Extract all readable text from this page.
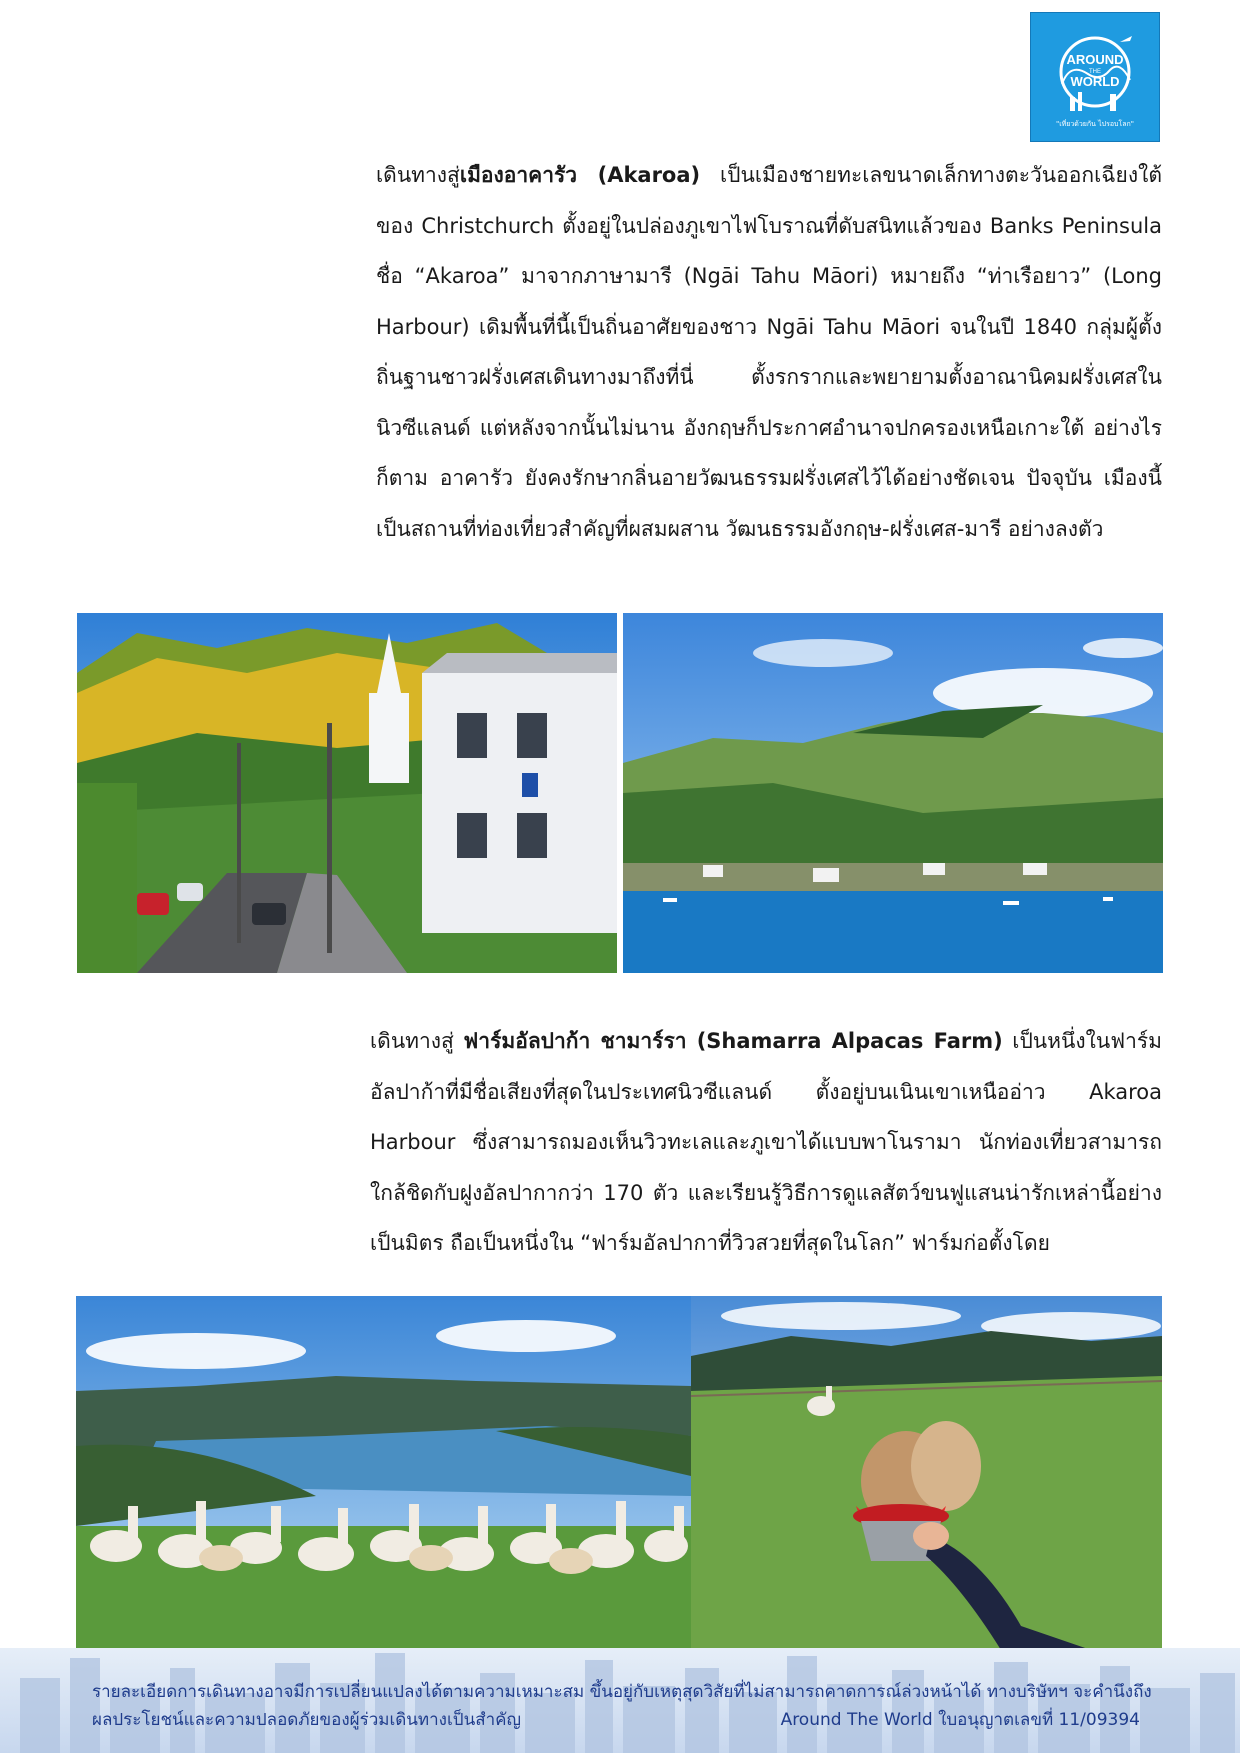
AROUND
THE
WORLD
"เที่ยวด้วยกัน ไปรอบโลก"

เดินทางสู่เมืองอาคารัว (Akaroa) เป็นเมืองชายทะเลขนาดเล็กทางตะวันออกเฉียงใต้ของ Christchurch ตั้งอยู่ในปล่องภูเขาไฟโบราณที่ดับสนิทแล้วของ Banks Peninsula ชื่อ “Akaroa” มาจากภาษามารี (Ngāi Tahu Māori) หมายถึง “ท่าเรือยาว” (Long Harbour) เดิมพื้นที่นี้เป็นถิ่นอาศัยของชาว Ngāi Tahu Māori จนในปี 1840 กลุ่มผู้ตั้งถิ่นฐานชาวฝรั่งเศสเดินทางมาถึงที่นี่ ตั้งรกรากและพยายามตั้งอาณานิคมฝรั่งเศสในนิวซีแลนด์ แต่หลังจากนั้นไม่นาน อังกฤษก็ประกาศอำนาจปกครองเหนือเกาะใต้ อย่างไรก็ตาม อาคารัว ยังคงรักษากลิ่นอายวัฒนธรรมฝรั่งเศสไว้ได้อย่างชัดเจน ปัจจุบัน เมืองนี้เป็นสถานที่ท่องเที่ยวสำคัญที่ผสมผสาน วัฒนธรรมอังกฤษ-ฝรั่งเศส-มารี อย่างลงตัว

เดินทางสู่ ฟาร์มอัลปาก้า ชามาร์รา (Shamarra Alpacas Farm) เป็นหนึ่งในฟาร์มอัลปาก้าที่มีชื่อเสียงที่สุดในประเทศนิวซีแลนด์ ตั้งอยู่บนเนินเขาเหนืออ่าว Akaroa Harbour ซึ่งสามารถมองเห็นวิวทะเลและภูเขาได้แบบพาโนรามา นักท่องเที่ยวสามารถใกล้ชิดกับฝูงอัลปากากว่า 170 ตัว และเรียนรู้วิธีการดูแลสัตว์ขนฟูแสนน่ารักเหล่านี้อย่างเป็นมิตร ถือเป็นหนึ่งใน “ฟาร์มอัลปากาที่วิวสวยที่สุดในโลก” ฟาร์มก่อตั้งโดย

รายละเอียดการเดินทางอาจมีการเปลี่ยนแปลงได้ตามความเหมาะสม ขึ้นอยู่กับเหตุสุดวิสัยที่ไม่สามารถคาดการณ์ล่วงหน้าได้ ทางบริษัทฯ จะคำนึงถึง
ผลประโยชน์และความปลอดภัยของผู้ร่วมเดินทางเป็นสำคัญ	Around The World ใบอนุญาตเลขที่ 11/09394
